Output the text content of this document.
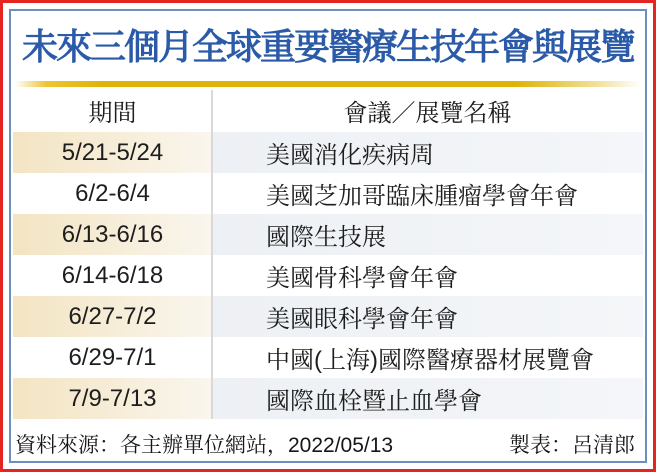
未來三個月全球重要醫療生技年會與展覽
期間	會議／展覽名稱
5/21-5/24	美國消化疾病周
6/2-6/4	美國芝加哥臨床腫瘤學會年會
6/13-6/16	國際生技展
6/14-6/18	美國骨科學會年會
6/27-7/2	美國眼科學會年會
6/29-7/1	中國(上海)國際醫療器材展覽會
7/9-7/13	國際血栓暨止血學會
資料來源：各主辦單位網站，2022/05/13	製表：呂清郎
